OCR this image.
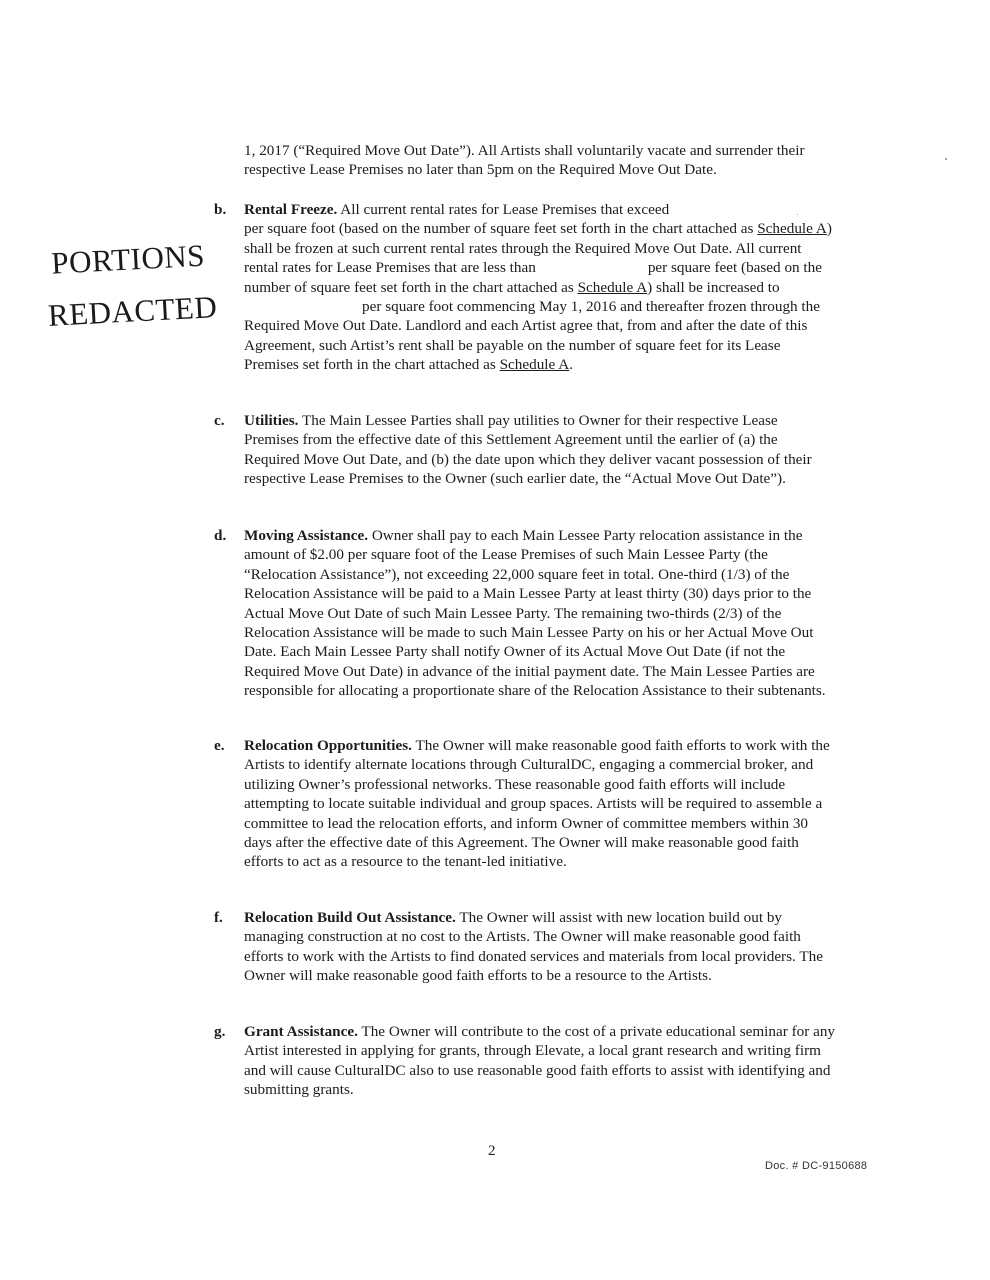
PORTIONS
REDACTED
1, 2017 (“Required Move Out Date”). All Artists shall voluntarily vacate and surrender their respective Lease Premises no later than 5pm on the Required Move Out Date.
b.	Rental Freeze. All current rental rates for Lease Premises that exceed
per square foot (based on the number of square feet set forth in the chart attached as Schedule A) shall be frozen at such current rental rates through the Required Move Out Date. All current rental rates for Lease Premises that are less than	per square feet (based on the number of square feet set forth in the chart attached as Schedule A) shall be increased toper square foot commencing May 1, 2016 and thereafter frozen through the Required Move Out Date. Landlord and each Artist agree that, from and after the date of this Agreement, such Artist’s rent shall be payable on the number of square feet for its Lease Premises set forth in the chart attached as Schedule A.
c.	Utilities. The Main Lessee Parties shall pay utilities to Owner for their respective Lease Premises from the effective date of this Settlement Agreement until the earlier of (a) the Required Move Out Date, and (b) the date upon which they deliver vacant possession of their respective Lease Premises to the Owner (such earlier date, the “Actual Move Out Date”).
d.	Moving Assistance. Owner shall pay to each Main Lessee Party relocation assistance in the amount of $2.00 per square foot of the Lease Premises of such Main Lessee Party (the “Relocation Assistance”), not exceeding 22,000 square feet in total. One-third (1/3) of the Relocation Assistance will be paid to a Main Lessee Party at least thirty (30) days prior to the Actual Move Out Date of such Main Lessee Party. The remaining two-thirds (2/3) of the Relocation Assistance will be made to such Main Lessee Party on his or her Actual Move Out Date. Each Main Lessee Party shall notify Owner of its Actual Move Out Date (if not the Required Move Out Date) in advance of the initial payment date. The Main Lessee Parties are responsible for allocating a proportionate share of the Relocation Assistance to their subtenants.
e.	Relocation Opportunities. The Owner will make reasonable good faith efforts to work with the Artists to identify alternate locations through CulturalDC, engaging a commercial broker, and utilizing Owner’s professional networks. These reasonable good faith efforts will include attempting to locate suitable individual and group spaces. Artists will be required to assemble a committee to lead the relocation efforts, and inform Owner of committee members within 30 days after the effective date of this Agreement. The Owner will make reasonable good faith efforts to act as a resource to the tenant-led initiative.
f.	Relocation Build Out Assistance. The Owner will assist with new location build out by managing construction at no cost to the Artists. The Owner will make reasonable good faith efforts to work with the Artists to find donated services and materials from local providers. The Owner will make reasonable good faith efforts to be a resource to the Artists.
g.	Grant Assistance. The Owner will contribute to the cost of a private educational seminar for any Artist interested in applying for grants, through Elevate, a local grant research and writing firm and will cause CulturalDC also to use reasonable good faith efforts to assist with identifying and submitting grants.
2
Doc. # DC-9150688
